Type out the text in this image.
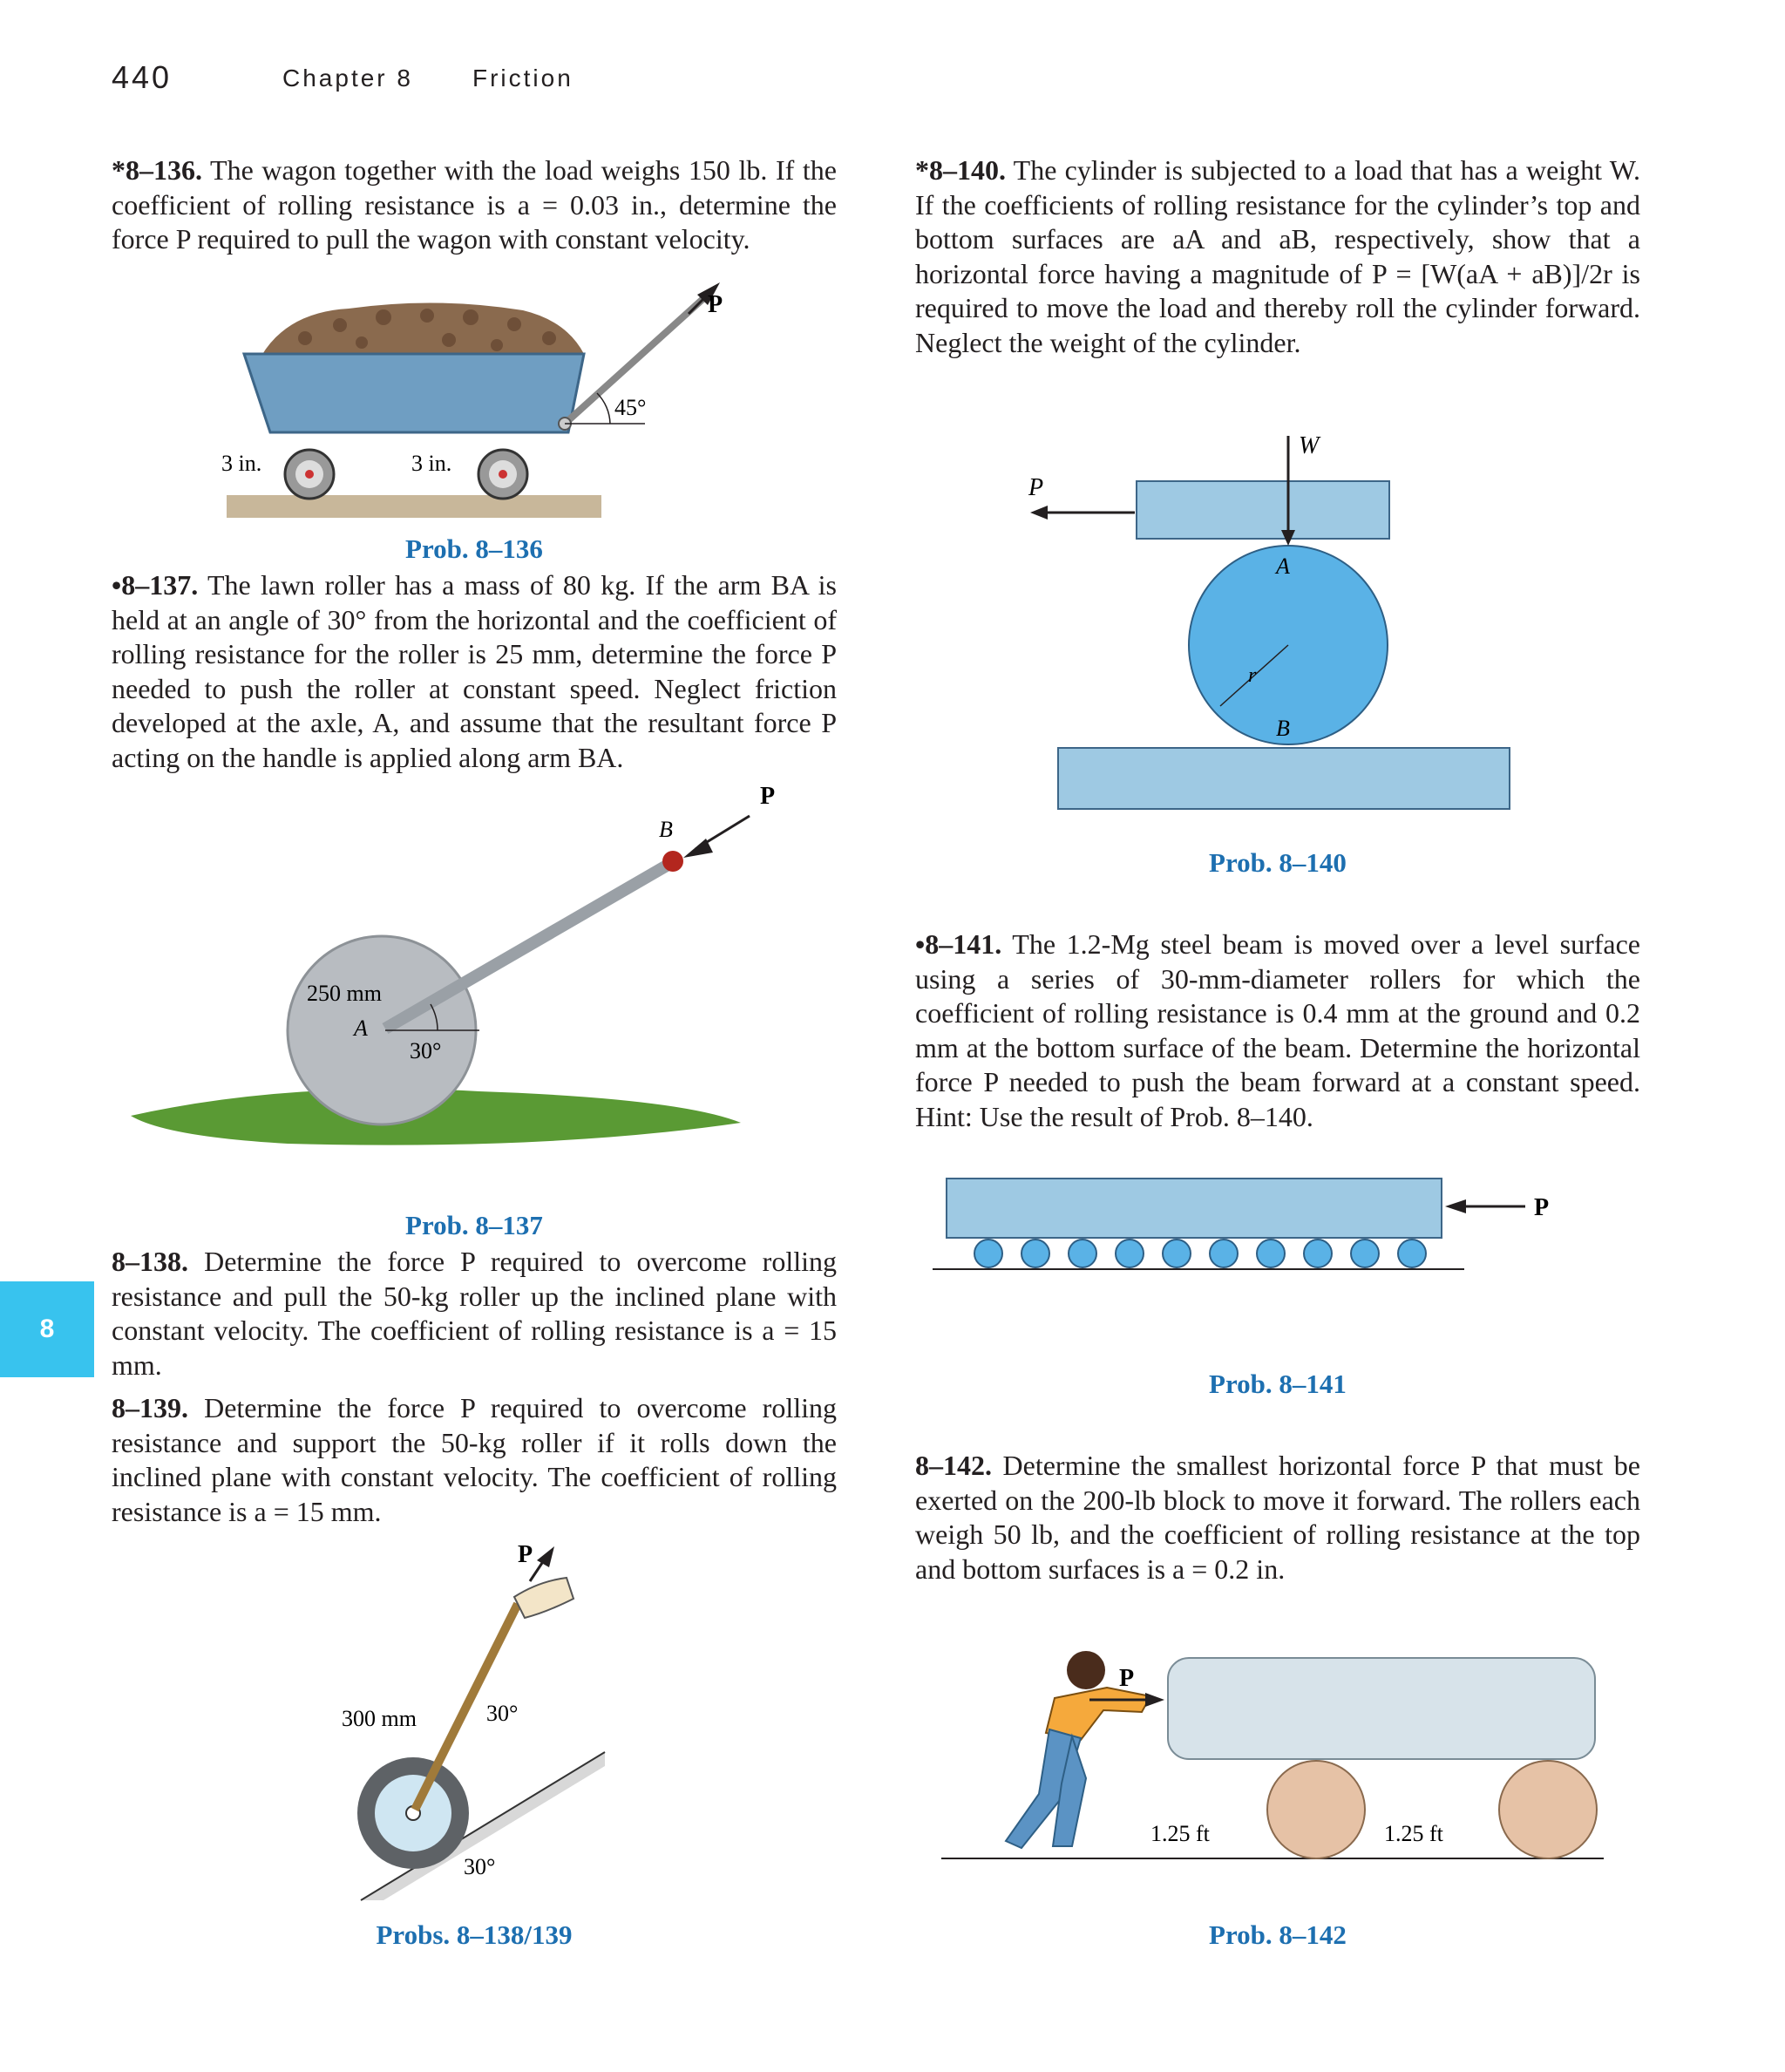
440	Chapter 8 Friction
8
*8–136. The wagon together with the load weighs 150 lb. If the coefficient of rolling resistance is a = 0.03 in., determine the force P required to pull the wagon with constant velocity.
P
45°
3 in.	3 in.
Prob. 8–136
•8–137. The lawn roller has a mass of 80 kg. If the arm BA is held at an angle of 30° from the horizontal and the coefficient of rolling resistance for the roller is 25 mm, determine the force P needed to push the roller at constant speed. Neglect friction developed at the axle, A, and assume that the resultant force P acting on the handle is applied along arm BA.
P
B
A
250 mm
30°
Prob. 8–137
8–138. Determine the force P required to overcome rolling resistance and pull the 50-kg roller up the inclined plane with constant velocity. The coefficient of rolling resistance is a = 15 mm.
8–139. Determine the force P required to overcome rolling resistance and support the 50-kg roller if it rolls down the inclined plane with constant velocity. The coefficient of rolling resistance is a = 15 mm.
P
300 mm	30°
30°
Probs. 8–138/139
*8–140. The cylinder is subjected to a load that has a weight W. If the coefficients of rolling resistance for the cylinder’s top and bottom surfaces are aA and aB, respectively, show that a horizontal force having a magnitude of P = [W(aA + aB)]/2r is required to move the load and thereby roll the cylinder forward. Neglect the weight of the cylinder.
r
W
P
A
B
Prob. 8–140
•8–141. The 1.2-Mg steel beam is moved over a level surface using a series of 30-mm-diameter rollers for which the coefficient of rolling resistance is 0.4 mm at the ground and 0.2 mm at the bottom surface of the beam. Determine the horizontal force P needed to push the beam forward at a constant speed. Hint: Use the result of Prob. 8–140.
P
Prob. 8–141
8–142. Determine the smallest horizontal force P that must be exerted on the 200-lb block to move it forward. The rollers each weigh 50 lb, and the coefficient of rolling resistance at the top and bottom surfaces is a = 0.2 in.
1.25 ft	1.25 ft
P
Prob. 8–142
